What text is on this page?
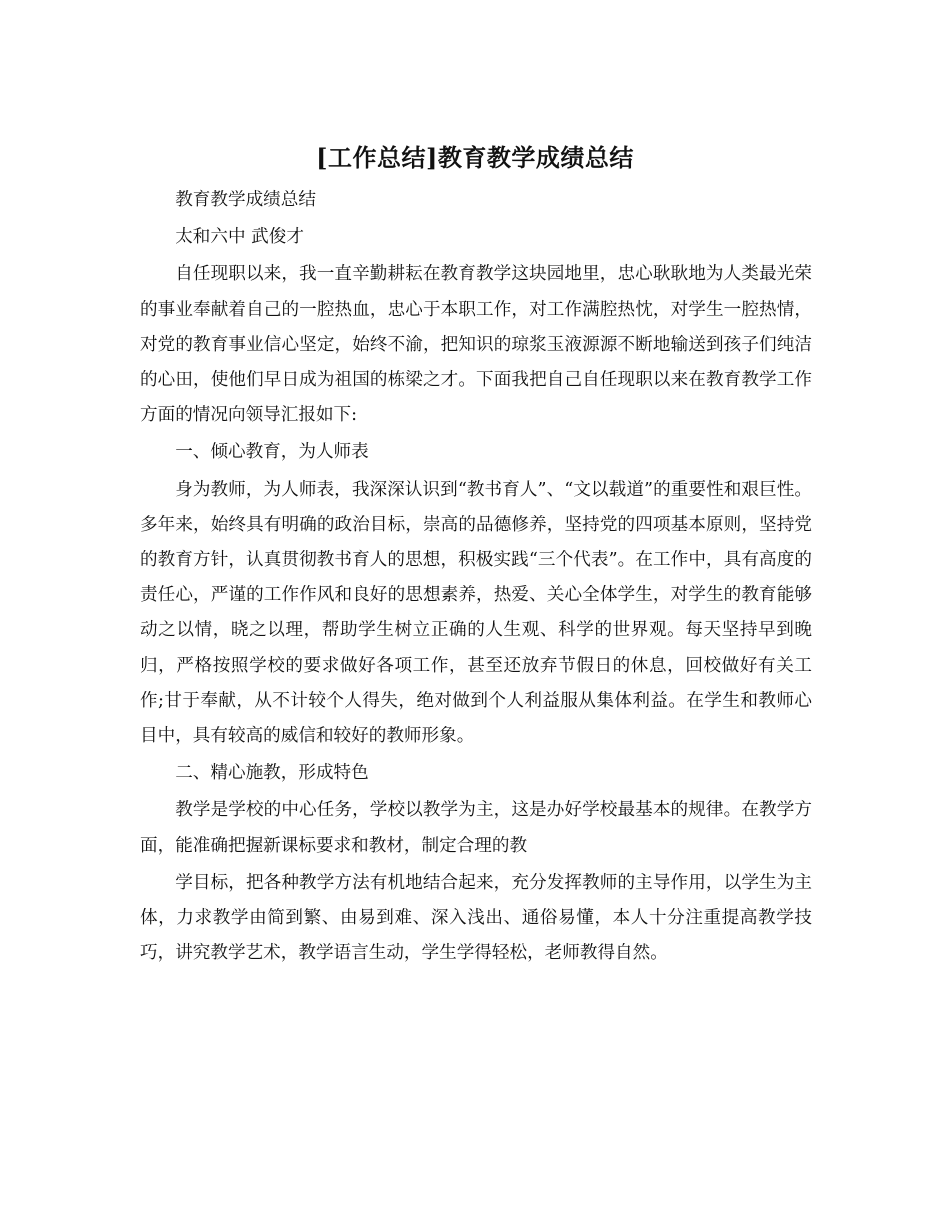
[工作总结]教育教学成绩总结

教育教学成绩总结

太和六中 武俊才

自任现职以来，我一直辛勤耕耘在教育教学这块园地里，忠心耿耿地为人类最光荣的事业奉献着自己的一腔热血，忠心于本职工作，对工作满腔热忱，对学生一腔热情，对党的教育事业信心坚定，始终不渝，把知识的琼浆玉液源源不断地输送到孩子们纯洁的心田，使他们早日成为祖国的栋梁之才。下面我把自己自任现职以来在教育教学工作方面的情况向领导汇报如下:

一、倾心教育，为人师表

身为教师，为人师表，我深深认识到“教书育人”、“文以载道”的重要性和艰巨性。多年来，始终具有明确的政治目标，崇高的品德修养，坚持党的四项基本原则，坚持党的教育方针，认真贯彻教书育人的思想，积极实践“三个代表”。在工作中，具有高度的责任心，严谨的工作作风和良好的思想素养，热爱、关心全体学生，对学生的教育能够动之以情，晓之以理，帮助学生树立正确的人生观、科学的世界观。每天坚持早到晚归，严格按照学校的要求做好各项工作，甚至还放弃节假日的休息，回校做好有关工作;甘于奉献，从不计较个人得失，绝对做到个人利益服从集体利益。在学生和教师心目中，具有较高的威信和较好的教师形象。

二、精心施教，形成特色

教学是学校的中心任务，学校以教学为主，这是办好学校最基本的规律。在教学方面，能准确把握新课标要求和教材，制定合理的教

学目标，把各种教学方法有机地结合起来，充分发挥教师的主导作用，以学生为主体，力求教学由简到繁、由易到难、深入浅出、通俗易懂，本人十分注重提高教学技巧，讲究教学艺术，教学语言生动，学生学得轻松，老师教得自然。
